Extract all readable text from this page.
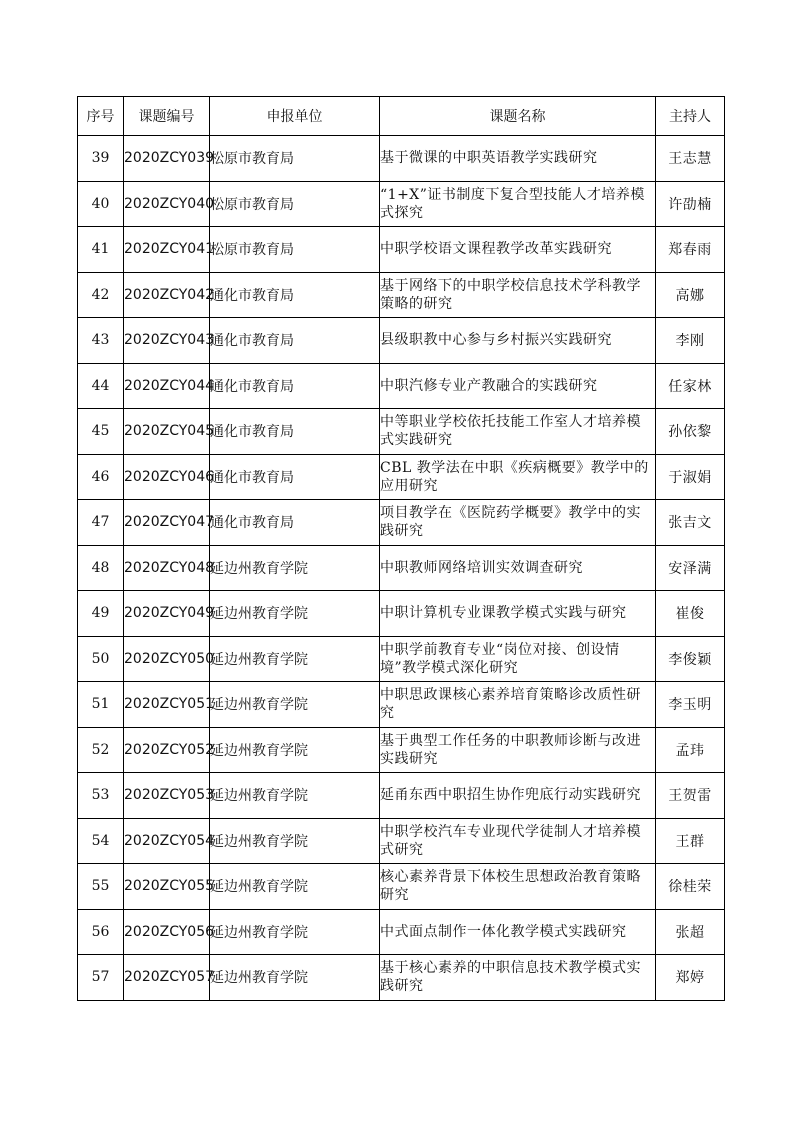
序号	课题编号	申报单位	课题名称	主持人
39	2020ZCY039	松原市教育局	基于微课的中职英语教学实践研究	王志慧
40	2020ZCY040	松原市教育局	“1+X”证书制度下复合型技能人才培养模式探究	许劭楠
41	2020ZCY041	松原市教育局	中职学校语文课程教学改革实践研究	郑春雨
42	2020ZCY042	通化市教育局	基于网络下的中职学校信息技术学科教学策略的研究	高娜
43	2020ZCY043	通化市教育局	县级职教中心参与乡村振兴实践研究	李刚
44	2020ZCY044	通化市教育局	中职汽修专业产教融合的实践研究	任家林
45	2020ZCY045	通化市教育局	中等职业学校依托技能工作室人才培养模式实践研究	孙依黎
46	2020ZCY046	通化市教育局	CBL 教学法在中职《疾病概要》教学中的应用研究	于淑娟
47	2020ZCY047	通化市教育局	项目教学在《医院药学概要》教学中的实践研究	张吉文
48	2020ZCY048	延边州教育学院	中职教师网络培训实效调查研究	安泽满
49	2020ZCY049	延边州教育学院	中职计算机专业课教学模式实践与研究	崔俊
50	2020ZCY050	延边州教育学院	中职学前教育专业“岗位对接、创设情境”教学模式深化研究	李俊颖
51	2020ZCY051	延边州教育学院	中职思政课核心素养培育策略诊改质性研究	李玉明
52	2020ZCY052	延边州教育学院	基于典型工作任务的中职教师诊断与改进实践研究	孟玮
53	2020ZCY053	延边州教育学院	延甬东西中职招生协作兜底行动实践研究	王贺雷
54	2020ZCY054	延边州教育学院	中职学校汽车专业现代学徒制人才培养模式研究	王群
55	2020ZCY055	延边州教育学院	核心素养背景下体校生思想政治教育策略研究	徐桂荣
56	2020ZCY056	延边州教育学院	中式面点制作一体化教学模式实践研究	张超
57	2020ZCY057	延边州教育学院	基于核心素养的中职信息技术教学模式实践研究	郑婷
